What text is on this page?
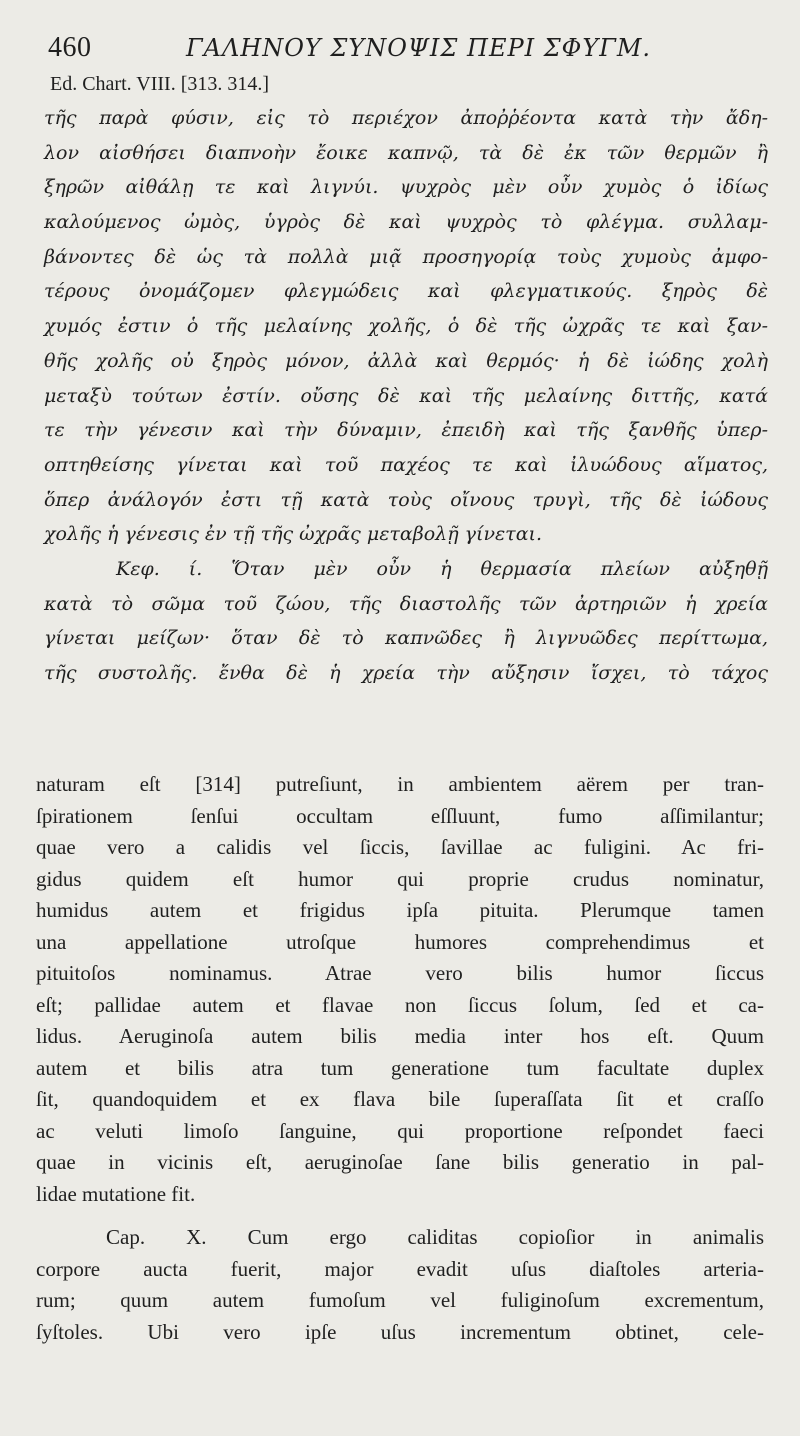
460	ΓΑΛΗΝΟΥ ΣΥΝΟΨΙΣ ΠΕΡΙ ΣΦΥΓΜ.
Ed. Chart. VIII. [313. 314.]
τῆς παρὰ φύσιν, εἰς τὸ περιέχον ἀποῤῥέοντα κατὰ τὴν ἄδη-
λον αἰσθήσει διαπνοὴν ἔοικε καπνῷ, τὰ δὲ ἐκ τῶν θερμῶν ἢ
ξηρῶν αἰθάλῃ τε καὶ λιγνύι. ψυχρὸς μὲν οὖν χυμὸς ὁ ἰδίως
καλούμενος ὠμὸς, ὑγρὸς δὲ καὶ ψυχρὸς τὸ φλέγμα. συλλαμ-
βάνοντες δὲ ὡς τὰ πολλὰ μιᾷ προσηγορίᾳ τοὺς χυμοὺς ἀμφο-
τέρους ὀνομάζομεν φλεγμώδεις καὶ φλεγματικούς. ξηρὸς δὲ
χυμός ἐστιν ὁ τῆς μελαίνης χολῆς, ὁ δὲ τῆς ὠχρᾶς τε καὶ ξαν-
θῆς χολῆς οὐ ξηρὸς μόνον, ἀλλὰ καὶ θερμός· ἡ δὲ ἰώδης χολὴ
μεταξὺ τούτων ἐστίν. οὔσης δὲ καὶ τῆς μελαίνης διττῆς, κατά
τε τὴν γένεσιν καὶ τὴν δύναμιν, ἐπειδὴ καὶ τῆς ξανθῆς ὑπερ-
οπτηθείσης γίνεται καὶ τοῦ παχέος τε καὶ ἰλυώδους αἵματος,
ὅπερ ἀνάλογόν ἐστι τῇ κατὰ τοὺς οἴνους τρυγὶ, τῆς δὲ ἰώδους
χολῆς ἡ γένεσις ἐν τῇ τῆς ὠχρᾶς μεταβολῇ γίνεται.
Κεφ. ί. Ὅταν μὲν οὖν ἡ θερμασία πλείων αὐξηθῇ
κατὰ τὸ σῶμα τοῦ ζώου, τῆς διαστολῆς τῶν ἀρτηριῶν ἡ χρεία
γίνεται μείζων· ὅταν δὲ τὸ καπνῶδες ἢ λιγνυῶδες περίττωμα,
τῆς συστολῆς. ἔνθα δὲ ἡ χρεία τὴν αὔξησιν ἴσχει, τὸ τάχος
naturam eſt [314] putreſiunt, in ambientem aërem per tran-
ſpirationem ſenſui occultam eſſluunt, fumo aſſimilantur;
quae vero a calidis vel ſiccis, ſavillae ac fuligini. Ac fri-
gidus quidem eſt humor qui proprie crudus nominatur,
humidus autem et frigidus ipſa pituita. Plerumque tamen
una appellatione utroſque humores comprehendimus et
pituitoſos nominamus. Atrae vero bilis humor ſiccus
eſt; pallidae autem et flavae non ſiccus ſolum, ſed et ca-
lidus. Aeruginoſa autem bilis media inter hos eſt. Quum
autem et bilis atra tum generatione tum facultate duplex
ſit, quandoquidem et ex flava bile ſuperaſſata ſit et craſſo
ac veluti limoſo ſanguine, qui proportione reſpondet faeci
quae in vicinis eſt, aeruginoſae ſane bilis generatio in pal-
lidae mutatione fit.
Cap. X. Cum ergo caliditas copioſior in animalis
corpore aucta fuerit, major evadit uſus diaſtoles arteria-
rum; quum autem fumoſum vel fuliginoſum excrementum,
ſyſtoles. Ubi vero ipſe uſus incrementum obtinet, cele-
